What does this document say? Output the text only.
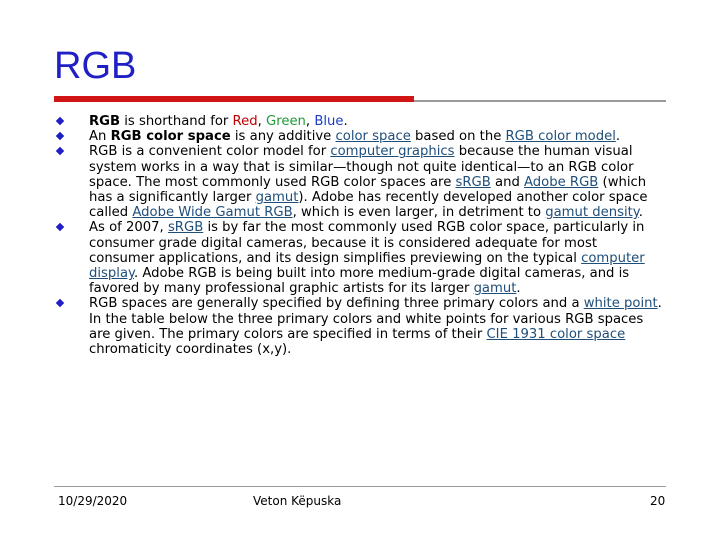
RGB
RGB is shorthand for Red, Green, Blue.
An RGB color space is any additive color space based on the RGB color model.
RGB is a convenient color model for computer graphics because the human visual system works in a way that is similar—though not quite identical—to an RGB color space. The most commonly used RGB color spaces are sRGB and Adobe RGB (which has a significantly larger gamut). Adobe has recently developed another color space called Adobe Wide Gamut RGB, which is even larger, in detriment to gamut density.
As of 2007, sRGB is by far the most commonly used RGB color space, particularly in consumer grade digital cameras, because it is considered adequate for most consumer applications, and its design simplifies previewing on the typical computer display. Adobe RGB is being built into more medium-grade digital cameras, and is favored by many professional graphic artists for its larger gamut.
RGB spaces are generally specified by defining three primary colors and a white point. In the table below the three primary colors and white points for various RGB spaces are given. The primary colors are specified in terms of their CIE 1931 color space chromaticity coordinates (x,y).
10/29/2020	Veton Këpuska	20
